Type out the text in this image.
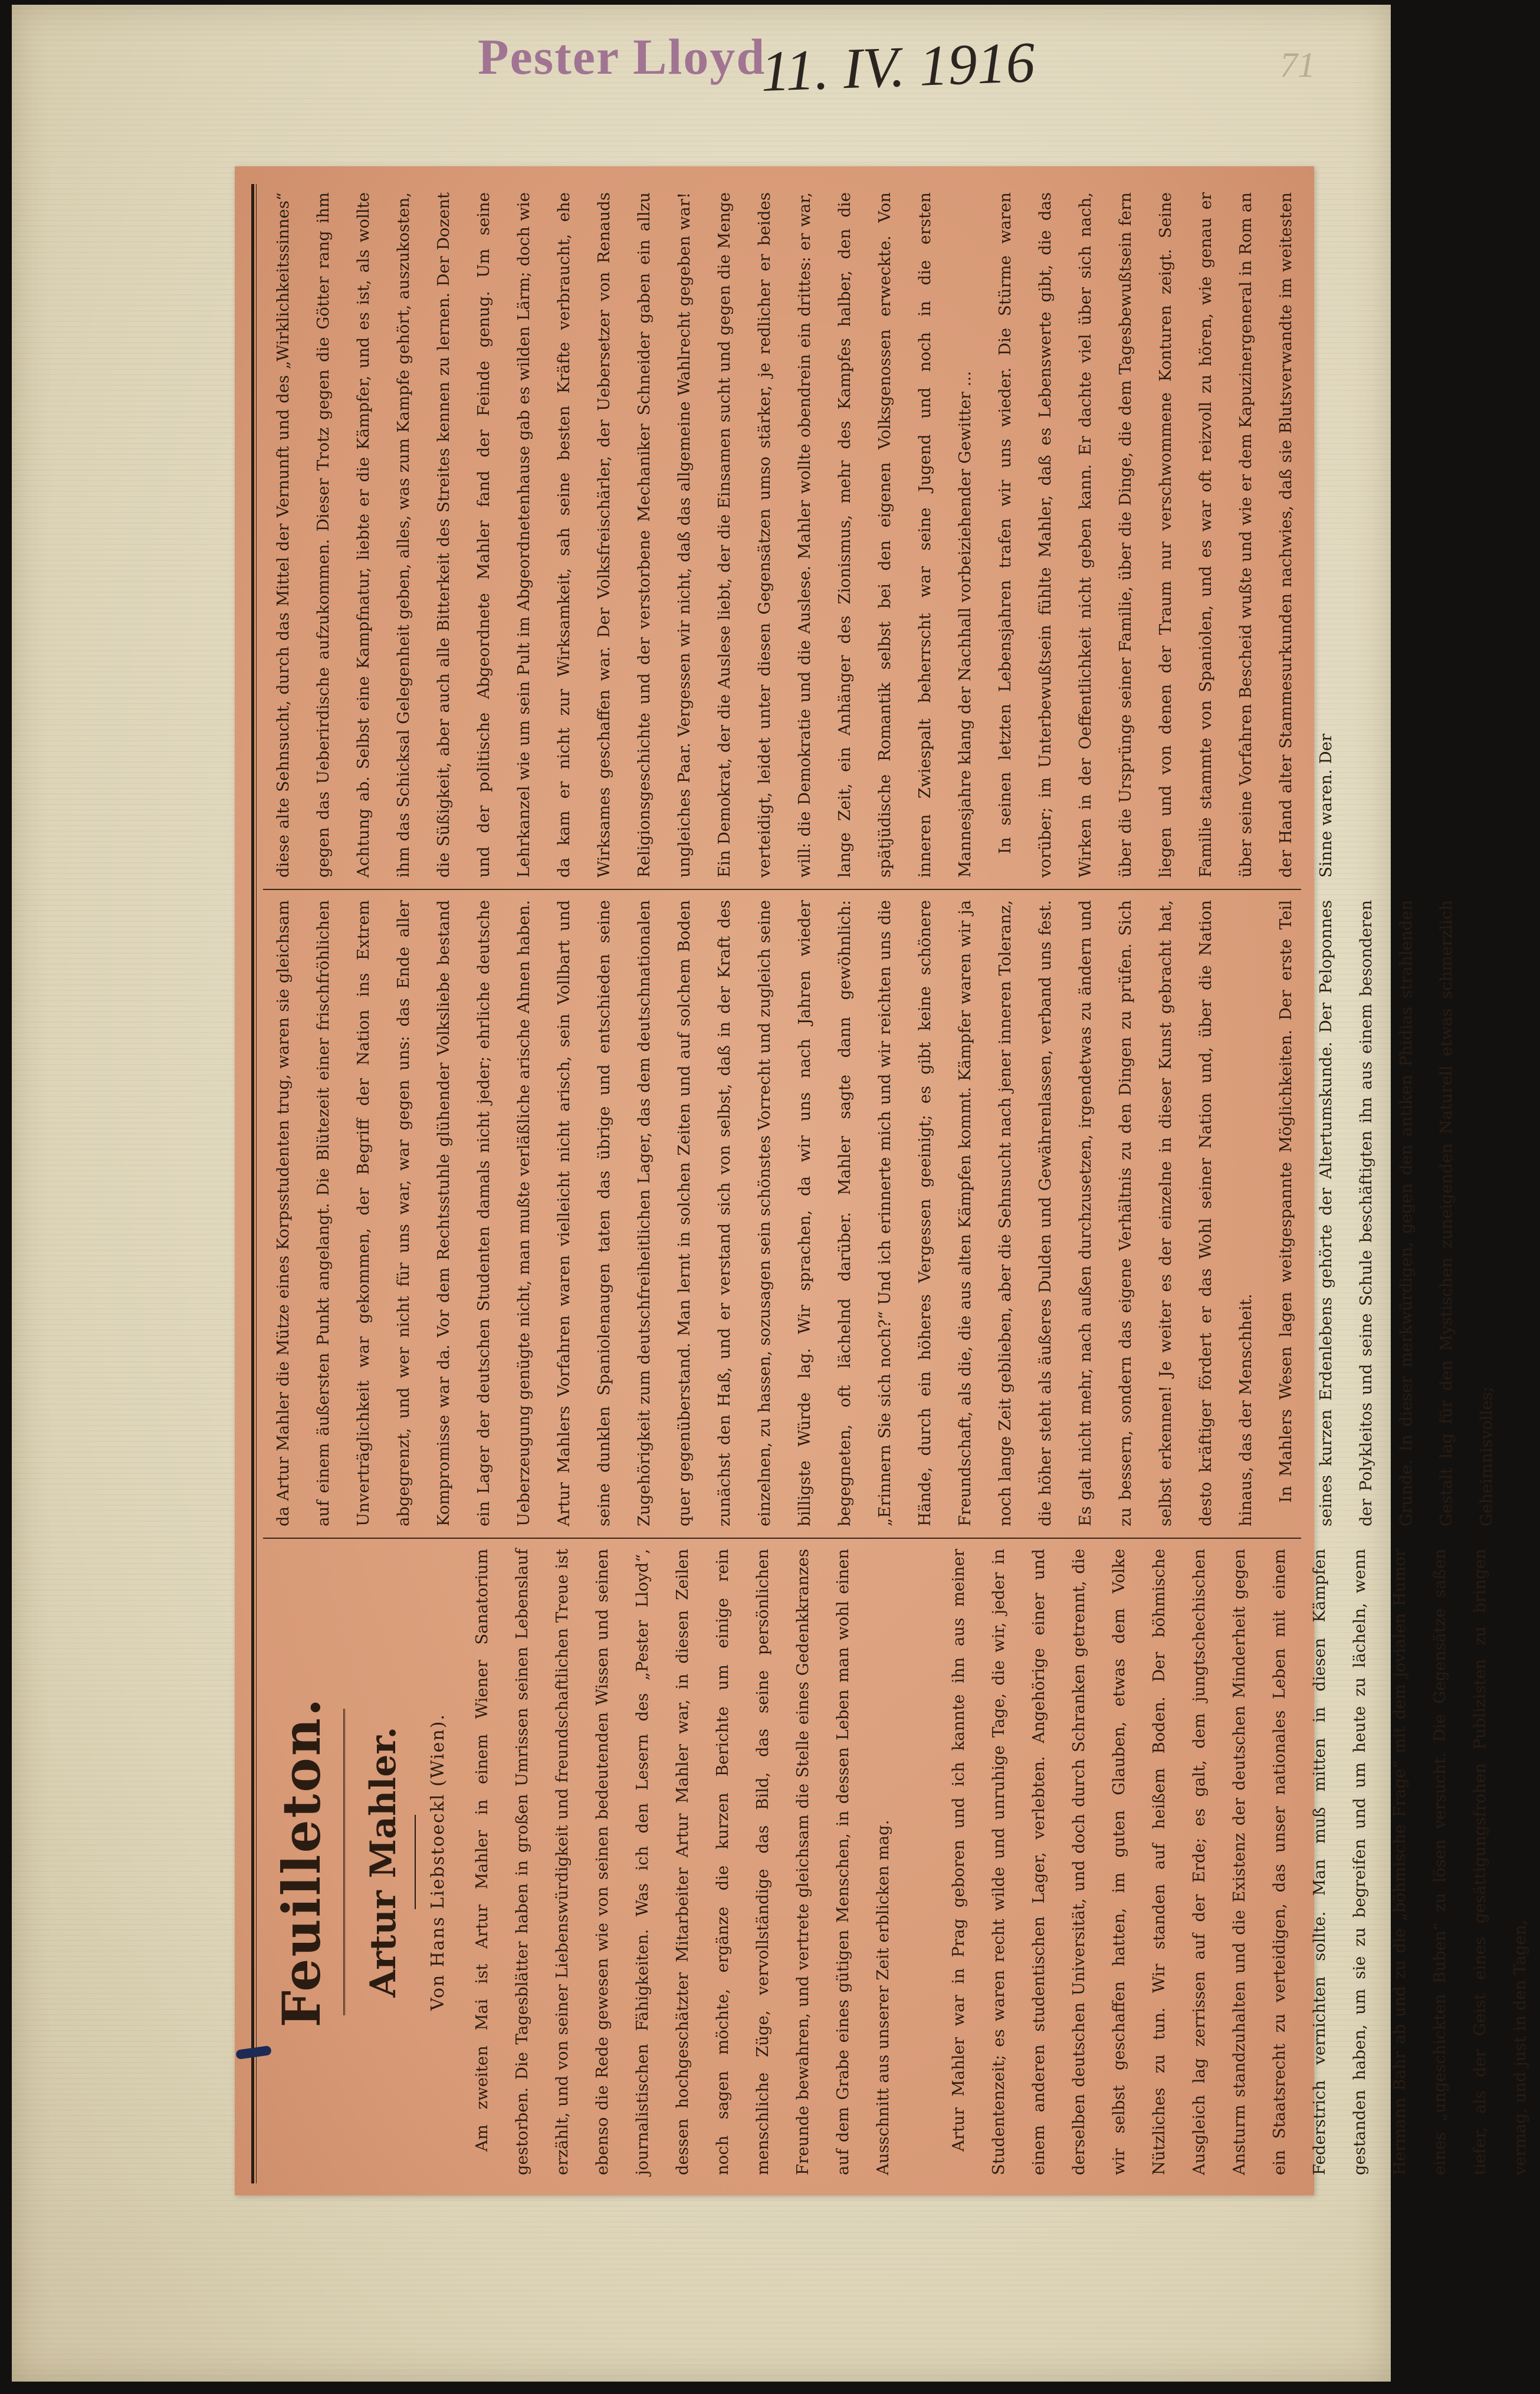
Pester Lloyd
11. IV. 1916	71
Feuilleton. Artur Mahler.	Von Hans Liebstoeckl (Wien).	Am zweiten Mai ist Artur Mahler in einem Wiener Sanatorium gestorben. Die Tagesblätter haben in großen Umrissen seinen Lebenslauf erzählt, und von seiner Liebenswürdigkeit und freundschaftlichen Treue ist ebenso die Rede gewesen wie von seinen bedeutenden Wissen und seinen journalistischen Fähigkeiten. Was ich den Lesern des „Pester Lloyd“, dessen hochgeschätzter Mitarbeiter Artur Mahler war, in diesen Zeilen noch sagen möchte, ergänze die kurzen Berichte um einige rein menschliche Züge, vervollständige das Bild, das seine persönlichen Freunde bewahren, und vertrete gleichsam die Stelle eines Gedenkkranzes auf dem Grabe eines gütigen Menschen, in dessen Leben man wohl einen Ausschnitt aus unserer Zeit erblicken mag.	Artur Mahler war in Prag geboren und ich kannte ihn aus meiner Studentenzeit; es waren recht wilde und unruhige Tage, die wir, jeder in einem anderen studentischen Lager, verlebten. Angehörige einer und derselben deutschen Universität, und doch durch Schranken getrennt, die wir selbst geschaffen hatten, im guten Glauben, etwas dem Volke Nützliches zu tun. Wir standen auf heißem Boden. Der böhmische Ausgleich lag zerrissen auf der Erde; es galt, dem jungtschechischen Ansturm standzuhalten und die Existenz der deutschen Minderheit gegen ein Staatsrecht zu verteidigen, das unser nationales Leben mit einem Federstrich vernichten sollte. Man muß mitten in diesen Kämpfen gestanden haben, um sie zu begreifen und um heute zu lächeln, wenn Hermann Bahr ab und zu die „böhmische Frage“ mit dem jovialen Humor eines „ungeschickten Buben“ zu lösen versucht. Die Gegensätze saßen tiefer, als der Geist eines gesättigungsfrohen Publizisten zu bringen vermag, und just in den Tagen,

da Artur Mahler die Mütze eines Korpsstudenten trug, waren sie gleichsam auf einem äußersten Punkt angelangt. Die Blütezeit einer frischfröhlichen Unverträglichkeit war gekommen, der Begriff der Nation ins Extrem abgegrenzt, und wer nicht für uns war, war gegen uns: das Ende aller Kompromisse war da. Vor dem Rechtsstuhle glühender Volksliebe bestand ein Lager der deutschen Studenten damals nicht jeder; ehrliche deutsche Ueberzeugung genügte nicht, man mußte verläßliche arische Ahnen haben. Artur Mahlers Vorfahren waren vielleicht nicht arisch, sein Vollbart und seine dunklen Spaniolenaugen taten das übrige und entschieden seine Zugehörigkeit zum deutschfreiheitlichen Lager, das dem deutschnationalen quer gegenüberstand. Man lernt in solchen Zeiten und auf solchem Boden zunächst den Haß, und er verstand sich von selbst, daß in der Kraft des einzelnen, zu hassen, sozusagen sein schönstes Vorrecht und zugleich seine billigste Würde lag. Wir sprachen, da wir uns nach Jahren wieder begegneten, oft lächelnd darüber. Mahler sagte dann gewöhnlich: „Erinnern Sie sich noch?“ Und ich erinnerte mich und wir reichten uns die Hände, durch ein höheres Vergessen geeinigt; es gibt keine schönere Freundschaft, als die, die aus alten Kämpfen kommt. Kämpfer waren wir ja noch lange Zeit geblieben, aber die Sehnsucht nach jener inneren Toleranz, die höher steht als äußeres Dulden und Gewährenlassen, verband uns fest. Es galt nicht mehr, nach außen durchzusetzen, irgendetwas zu ändern und zu bessern, sondern das eigene Verhältnis zu den Dingen zu prüfen. Sich selbst erkennen! Je weiter es der einzelne in dieser Kunst gebracht hat, desto kräftiger fördert er das Wohl seiner Nation und, über die Nation hinaus, das der Menschheit.	In Mahlers Wesen lagen weitgespannte Möglichkeiten. Der erste Teil seines kurzen Erdenlebens gehörte der Altertumskunde. Der Peloponnes der Polykleitos und seine Schule beschäftigten ihn aus einem besonderen Grunde. In dieser merkwürdigen, gegen den antiken Phidias strahlenden Gestalt lag für den Mystischen zuneigenden Naturell etwas schmerzlich Geheimnisvolles;

diese alte Sehnsucht, durch das Mittel der Vernunft und des „Wirklichkeitssinnes“ gegen das Ueberirdische aufzukommen. Dieser Trotz gegen die Götter rang ihm Achtung ab. Selbst eine Kampfnatur, liebte er die Kämpfer, und es ist, als wollte ihm das Schicksal Gelegenheit geben, alles, was zum Kampfe gehört, auszukosten, die Süßigkeit, aber auch alle Bitterkeit des Streites kennen zu lernen. Der Dozent und der politische Abgeordnete Mahler fand der Feinde genug. Um seine Lehrkanzel wie um sein Pult im Abgeordnetenhause gab es wilden Lärm; doch wie da kam er nicht zur Wirksamkeit, sah seine besten Kräfte verbraucht, ehe Wirksames geschaffen war. Der Volksfreischärler, der Uebersetzer von Renauds Religionsgeschichte und der verstorbene Mechaniker Schneider gaben ein allzu ungleiches Paar. Vergessen wir nicht, daß das allgemeine Wahlrecht gegeben war! Ein Demokrat, der die Auslese liebt, der die Einsamen sucht und gegen die Menge verteidigt, leidet unter diesen Gegensätzen umso stärker, je redlicher er beides will: die Demokratie und die Auslese. Mahler wollte obendrein ein drittes: er war, lange Zeit, ein Anhänger des Zionismus, mehr des Kampfes halber, den die spätjüdische Romantik selbst bei den eigenen Volksgenossen erweckte. Von inneren Zwiespalt beherrscht war seine Jugend und noch in die ersten Mannesjahre klang der Nachhall vorbeiziehender Gewitter ...	In seinen letzten Lebensjahren trafen wir uns wieder. Die Stürme waren vorüber; im Unterbewußtsein fühlte Mahler, daß es Lebenswerte gibt, die das Wirken in der Oeffentlichkeit nicht geben kann. Er dachte viel über sich nach, über die Ursprünge seiner Familie, über die Dinge, die dem Tagesbewußtsein fern liegen und von denen der Traum nur verschwommene Konturen zeigt. Seine Familie stammte von Spaniolen, und es war oft reizvoll zu hören, wie genau er über seine Vorfahren Bescheid wußte und wie er dem Kapuzinergeneral in Rom an der Hand alter Stammesurkunden nachwies, daß sie Blutsverwandte im weitesten Sinne waren. Der
